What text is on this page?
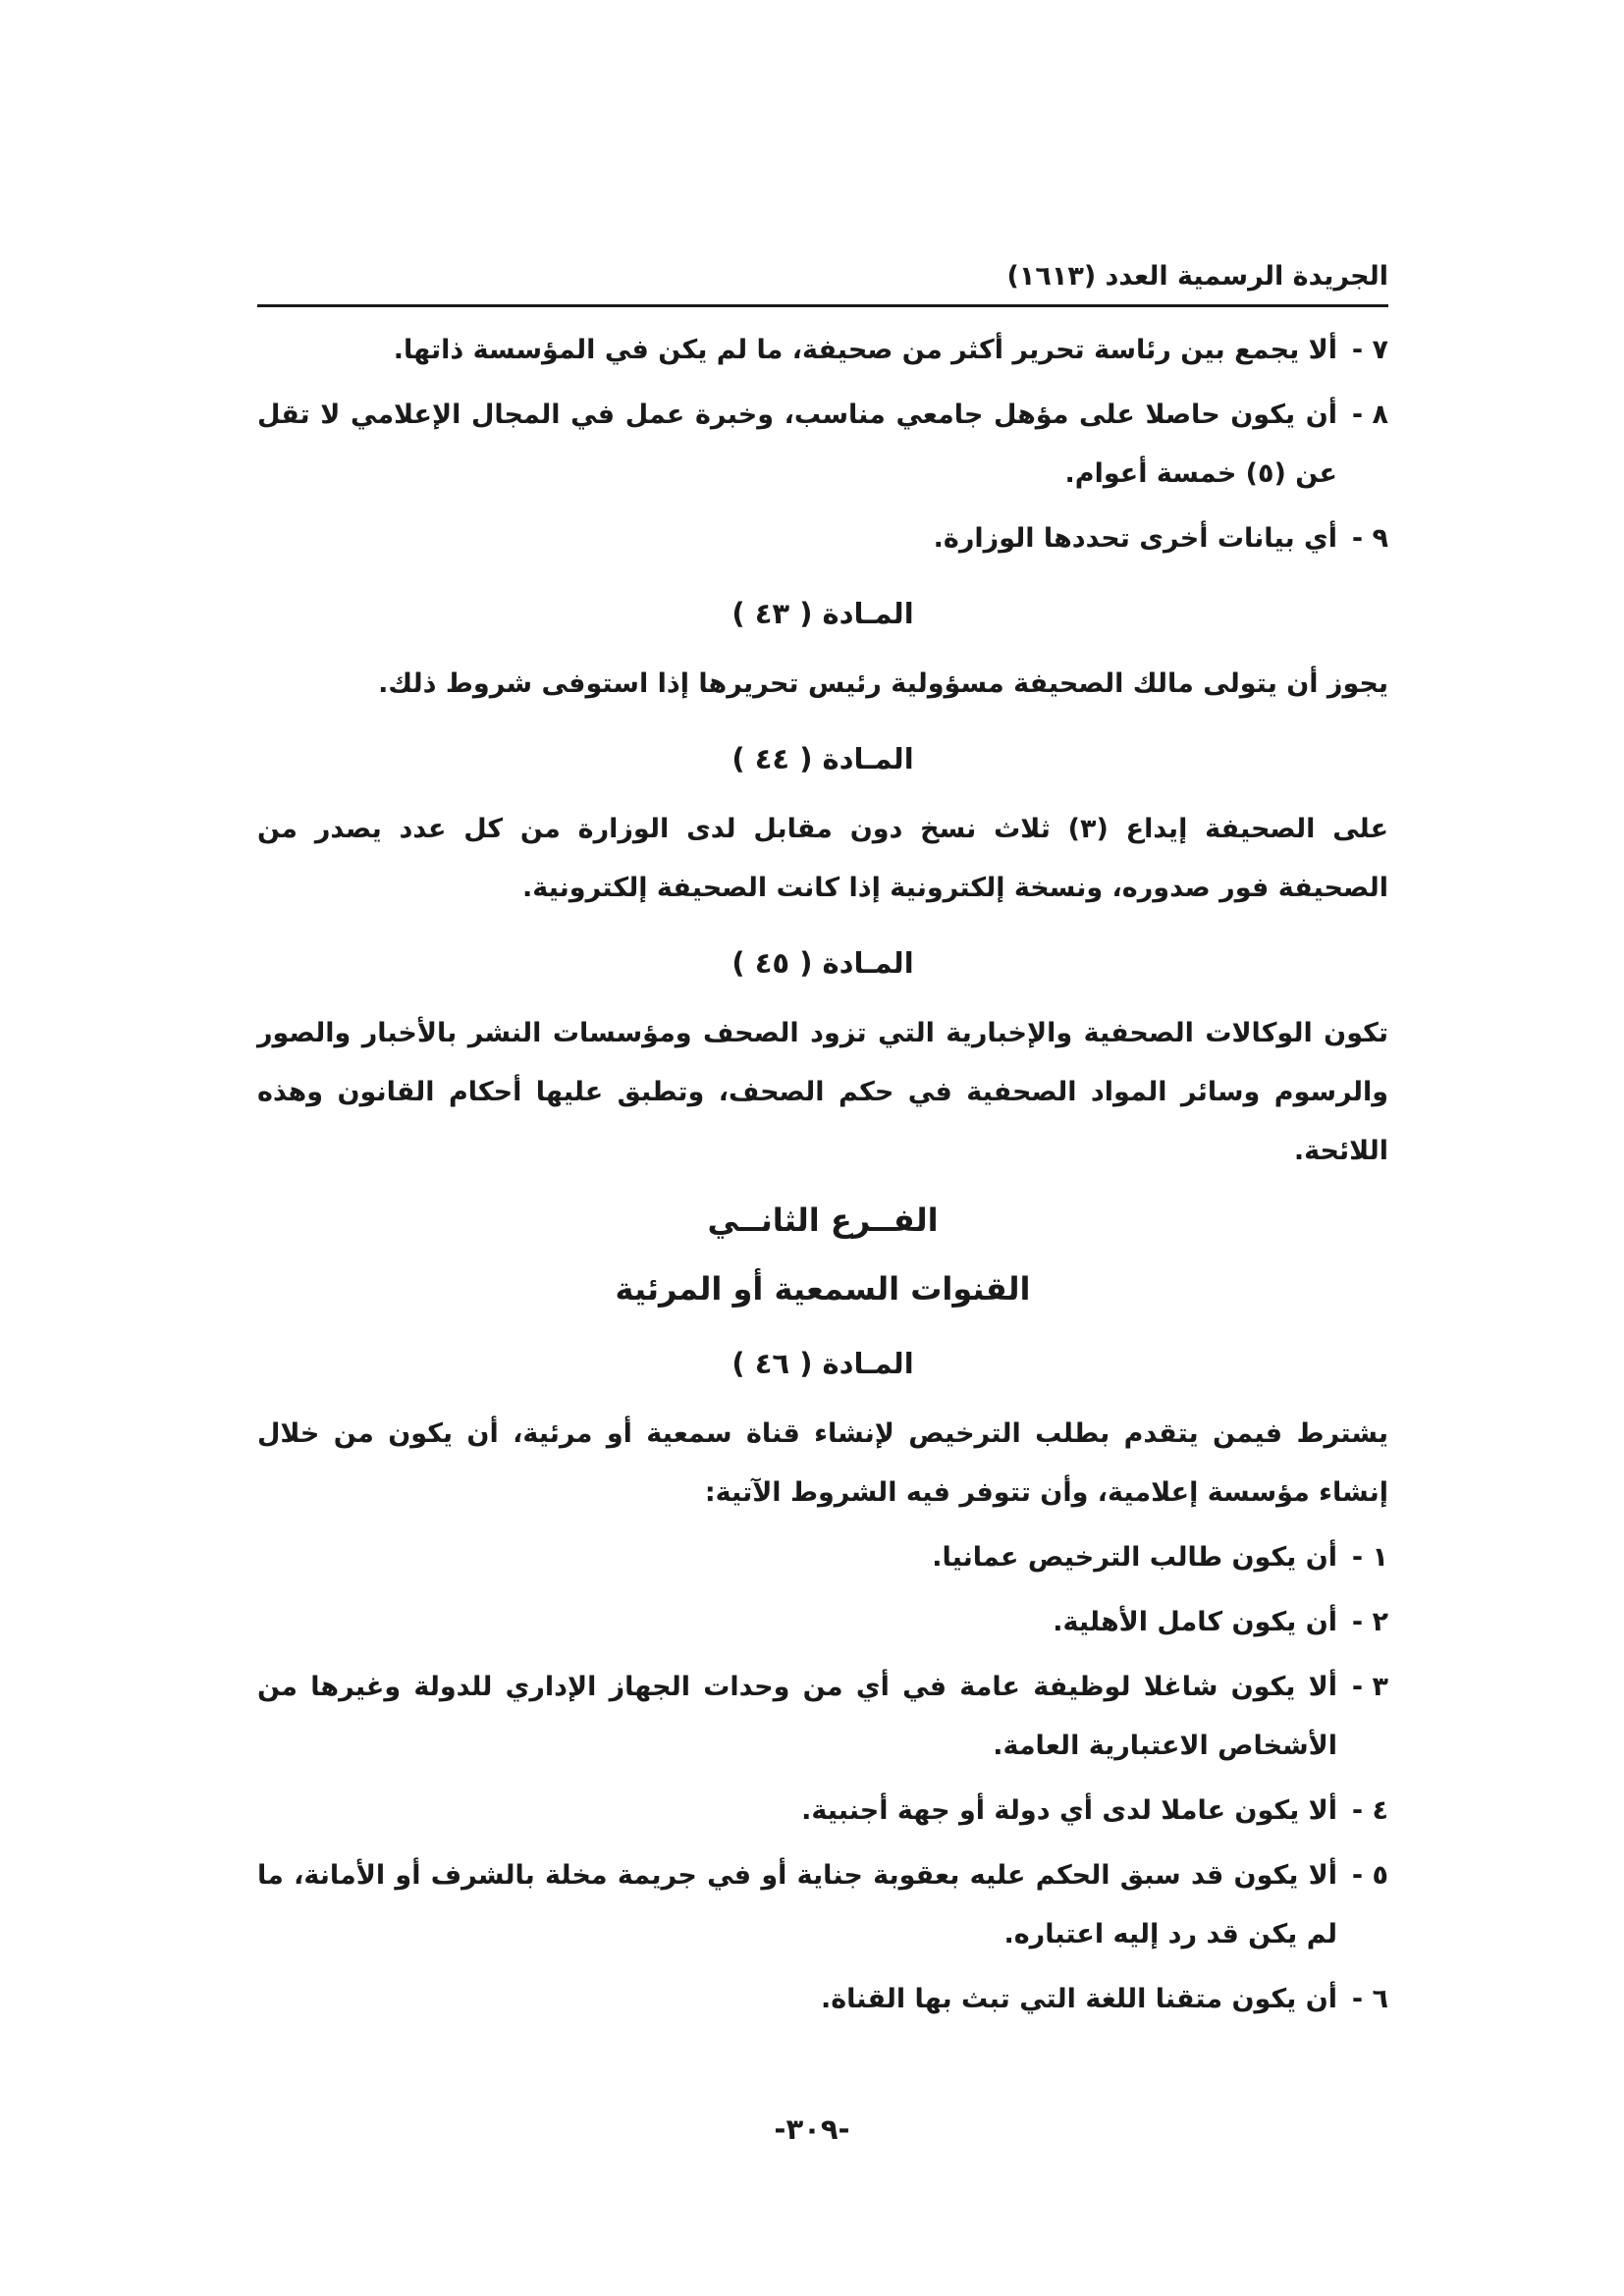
الجريدة الرسمية العدد (١٦١٣)
٧ -
ألا يجمع بين رئاسة تحرير أكثر من صحيفة، ما لم يكن في المؤسسة ذاتها.
٨ -
أن يكون حاصلا على مؤهل جامعي مناسب، وخبرة عمل في المجال الإعلامي لا تقل عن (٥) خمسة أعوام.
٩ -
أي بيانات أخرى تحددها الوزارة.
المـادة ( ٤٣ )

يجوز أن يتولى مالك الصحيفة مسؤولية رئيس تحريرها إذا استوفى شروط ذلك.

المـادة ( ٤٤ )

على الصحيفة إيداع (٣) ثلاث نسخ دون مقابل لدى الوزارة من كل عدد يصدر من الصحيفة فور صدوره، ونسخة إلكترونية إذا كانت الصحيفة إلكترونية.

المـادة ( ٤٥ )

تكون الوكالات الصحفية والإخبارية التي تزود الصحف ومؤسسات النشر بالأخبار والصور والرسوم وسائر المواد الصحفية في حكم الصحف، وتطبق عليها أحكام القانون وهذه اللائحة.

الفــرع الثانــي
القنوات السمعية أو المرئية
المـادة ( ٤٦ )

يشترط فيمن يتقدم بطلب الترخيص لإنشاء قناة سمعية أو مرئية، أن يكون من خلال إنشاء مؤسسة إعلامية، وأن تتوفر فيه الشروط الآتية:

١ -
أن يكون طالب الترخيص عمانيا.
٢ -
أن يكون كامل الأهلية.
٣ -
ألا يكون شاغلا لوظيفة عامة في أي من وحدات الجهاز الإداري للدولة وغيرها من الأشخاص الاعتبارية العامة.
٤ -
ألا يكون عاملا لدى أي دولة أو جهة أجنبية.
٥ -
ألا يكون قد سبق الحكم عليه بعقوبة جناية أو في جريمة مخلة بالشرف أو الأمانة، ما لم يكن قد رد إليه اعتباره.
٦ -
أن يكون متقنا اللغة التي تبث بها القناة.
-٣٠٩-
